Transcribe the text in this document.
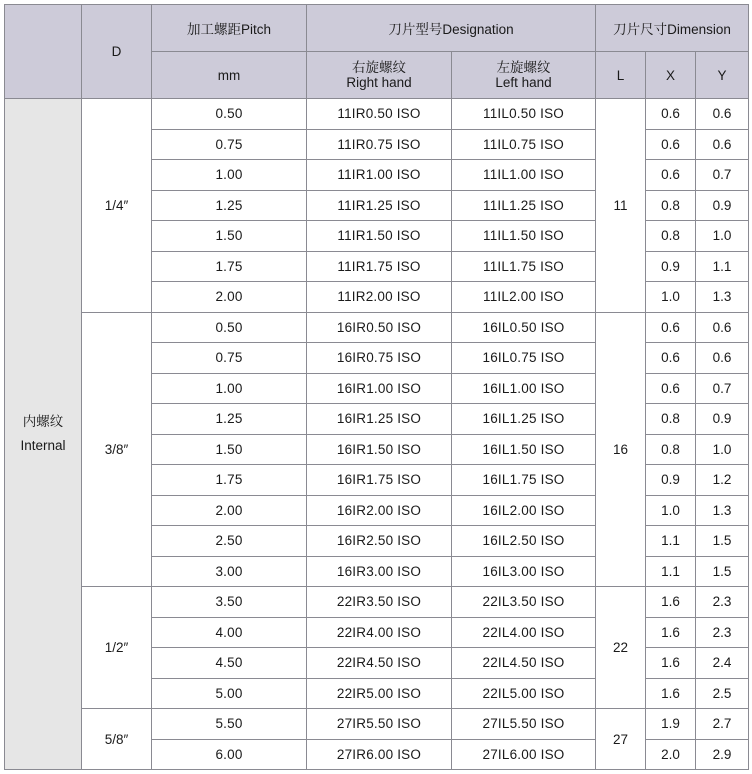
	D	加工螺距Pitch	刀片型号Designation		刀片尺寸Dimension		
		mm	右旋螺纹
Right hand	左旋螺纹
Left hand	L	X	Y

内螺纹
Internal	1/4″	0.50	11IR0.50 ISO	11IL0.50 ISO	11	0.6	0.6
		0.75	11IR0.75 ISO	11IL0.75 ISO		0.6	0.6
		1.00	11IR1.00 ISO	11IL1.00 ISO		0.6	0.7
		1.25	11IR1.25 ISO	11IL1.25 ISO		0.8	0.9
		1.50	11IR1.50 ISO	11IL1.50 ISO		0.8	1.0
		1.75	11IR1.75 ISO	11IL1.75 ISO		0.9	1.1
		2.00	11IR2.00 ISO	11IL2.00 ISO		1.0	1.3
	3/8″	0.50	16IR0.50 ISO	16IL0.50 ISO	16	0.6	0.6
		0.75	16IR0.75 ISO	16IL0.75 ISO		0.6	0.6
		1.00	16IR1.00 ISO	16IL1.00 ISO		0.6	0.7
		1.25	16IR1.25 ISO	16IL1.25 ISO		0.8	0.9
		1.50	16IR1.50 ISO	16IL1.50 ISO		0.8	1.0
		1.75	16IR1.75 ISO	16IL1.75 ISO		0.9	1.2
		2.00	16IR2.00 ISO	16IL2.00 ISO		1.0	1.3
		2.50	16IR2.50 ISO	16IL2.50 ISO		1.1	1.5
		3.00	16IR3.00 ISO	16IL3.00 ISO		1.1	1.5
	1/2″	3.50	22IR3.50 ISO	22IL3.50 ISO	22	1.6	2.3
		4.00	22IR4.00 ISO	22IL4.00 ISO		1.6	2.3
		4.50	22IR4.50 ISO	22IL4.50 ISO		1.6	2.4
		5.00	22IR5.00 ISO	22IL5.00 ISO		1.6	2.5
	5/8″	5.50	27IR5.50 ISO	27IL5.50 ISO	27	1.9	2.7
		6.00	27IR6.00 ISO	27IL6.00 ISO		2.0	2.9
